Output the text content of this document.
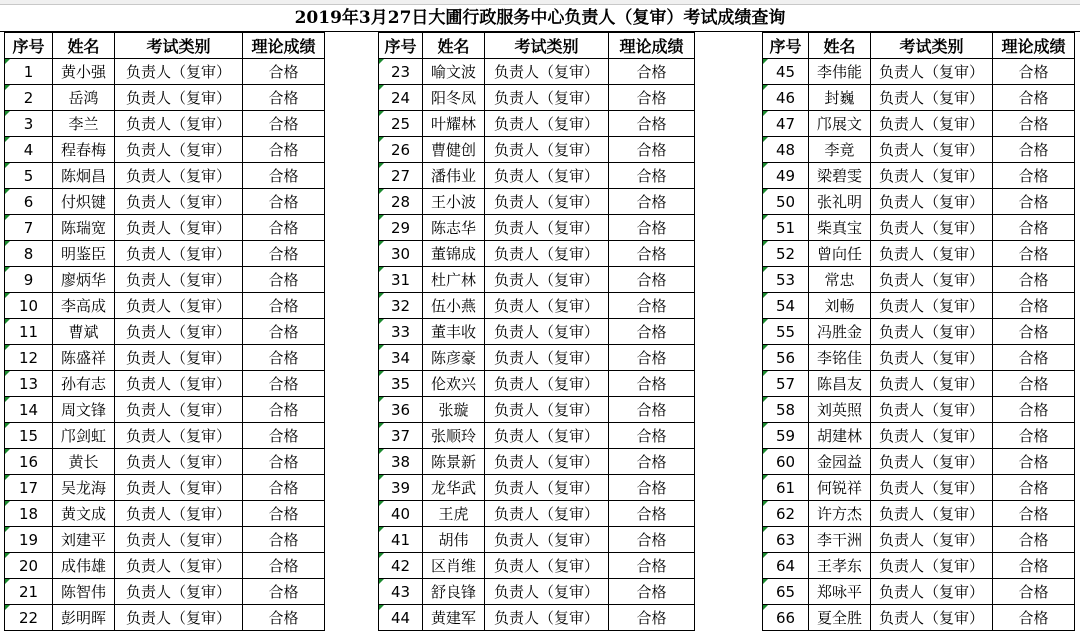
2019年3月27日大圃行政服务中心负责人（复审）考试成绩查询
序号	姓名	考试类别	理论成绩
1	黄小强	负责人（复审）	合格
2	岳鸿	负责人（复审）	合格
3	李兰	负责人（复审）	合格
4	程春梅	负责人（复审）	合格
5	陈炯昌	负责人（复审）	合格
6	付炽键	负责人（复审）	合格
7	陈瑞宽	负责人（复审）	合格
8	明鉴臣	负责人（复审）	合格
9	廖炳华	负责人（复审）	合格
10	李高成	负责人（复审）	合格
11	曹斌	负责人（复审）	合格
12	陈盛祥	负责人（复审）	合格
13	孙有志	负责人（复审）	合格
14	周文锋	负责人（复审）	合格
15	邝剑虹	负责人（复审）	合格
16	黄长	负责人（复审）	合格
17	吴龙海	负责人（复审）	合格
18	黄文成	负责人（复审）	合格
19	刘建平	负责人（复审）	合格
20	成伟雄	负责人（复审）	合格
21	陈智伟	负责人（复审）	合格
22	彭明晖	负责人（复审）	合格
序号	姓名	考试类别	理论成绩
23	喻文波	负责人（复审）	合格
24	阳冬凤	负责人（复审）	合格
25	叶耀林	负责人（复审）	合格
26	曹健创	负责人（复审）	合格
27	潘伟业	负责人（复审）	合格
28	王小波	负责人（复审）	合格
29	陈志华	负责人（复审）	合格
30	董锦成	负责人（复审）	合格
31	杜广林	负责人（复审）	合格
32	伍小燕	负责人（复审）	合格
33	董丰收	负责人（复审）	合格
34	陈彦豪	负责人（复审）	合格
35	伦欢兴	负责人（复审）	合格
36	张璇	负责人（复审）	合格
37	张顺玲	负责人（复审）	合格
38	陈景新	负责人（复审）	合格
39	龙华武	负责人（复审）	合格
40	王虎	负责人（复审）	合格
41	胡伟	负责人（复审）	合格
42	区肖维	负责人（复审）	合格
43	舒良锋	负责人（复审）	合格
44	黄建军	负责人（复审）	合格
序号	姓名	考试类别	理论成绩
45	李伟能	负责人（复审）	合格
46	封巍	负责人（复审）	合格
47	邝展文	负责人（复审）	合格
48	李竟	负责人（复审）	合格
49	梁碧雯	负责人（复审）	合格
50	张礼明	负责人（复审）	合格
51	柴真宝	负责人（复审）	合格
52	曾向任	负责人（复审）	合格
53	常忠	负责人（复审）	合格
54	刘畅	负责人（复审）	合格
55	冯胜金	负责人（复审）	合格
56	李铭佳	负责人（复审）	合格
57	陈昌友	负责人（复审）	合格
58	刘英照	负责人（复审）	合格
59	胡建林	负责人（复审）	合格
60	金园益	负责人（复审）	合格
61	何锐祥	负责人（复审）	合格
62	许方杰	负责人（复审）	合格
63	李干洲	负责人（复审）	合格
64	王孝东	负责人（复审）	合格
65	郑咏平	负责人（复审）	合格
66	夏全胜	负责人（复审）	合格
